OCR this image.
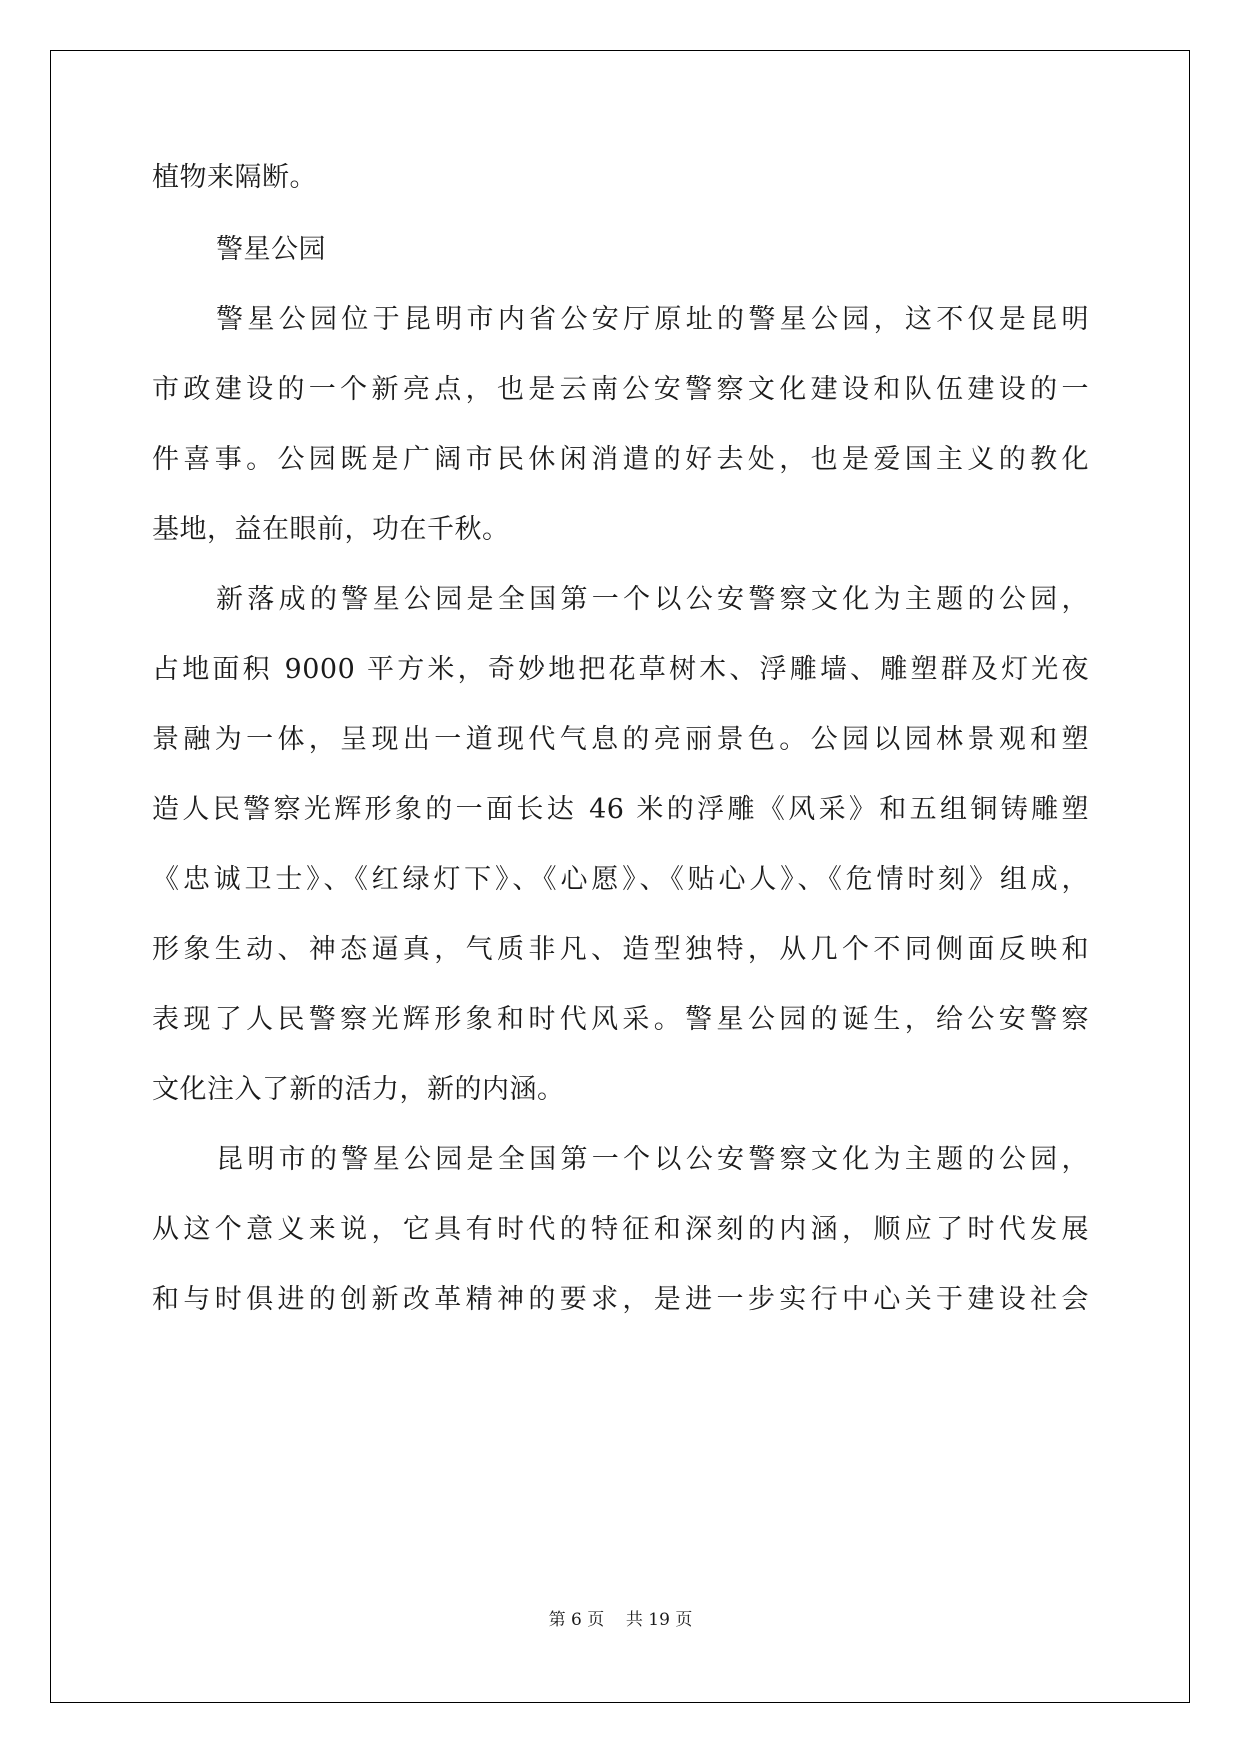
植物来隔断。
警星公园
警星公园位于昆明市内省公安厅原址的警星公园，这不仅是昆明
市政建设的一个新亮点，也是云南公安警察文化建设和队伍建设的一
件喜事。公园既是广阔市民休闲消遣的好去处，也是爱国主义的教化
基地，益在眼前，功在千秋。
新落成的警星公园是全国第一个以公安警察文化为主题的公园，
占地面积 9000 平方米，奇妙地把花草树木、浮雕墙、雕塑群及灯光夜
景融为一体，呈现出一道现代气息的亮丽景色。公园以园林景观和塑
造人民警察光辉形象的一面长达 46 米的浮雕《风采》和五组铜铸雕塑
《忠诚卫士》、《红绿灯下》、《心愿》、《贴心人》、《危情时刻》组成，
形象生动、神态逼真，气质非凡、造型独特，从几个不同侧面反映和
表现了人民警察光辉形象和时代风采。警星公园的诞生，给公安警察
文化注入了新的活力，新的内涵。
昆明市的警星公园是全国第一个以公安警察文化为主题的公园，
从这个意义来说，它具有时代的特征和深刻的内涵，顺应了时代发展
和与时俱进的创新改革精神的要求，是进一步实行中心关于建设社会
第 6 页 共 19 页
